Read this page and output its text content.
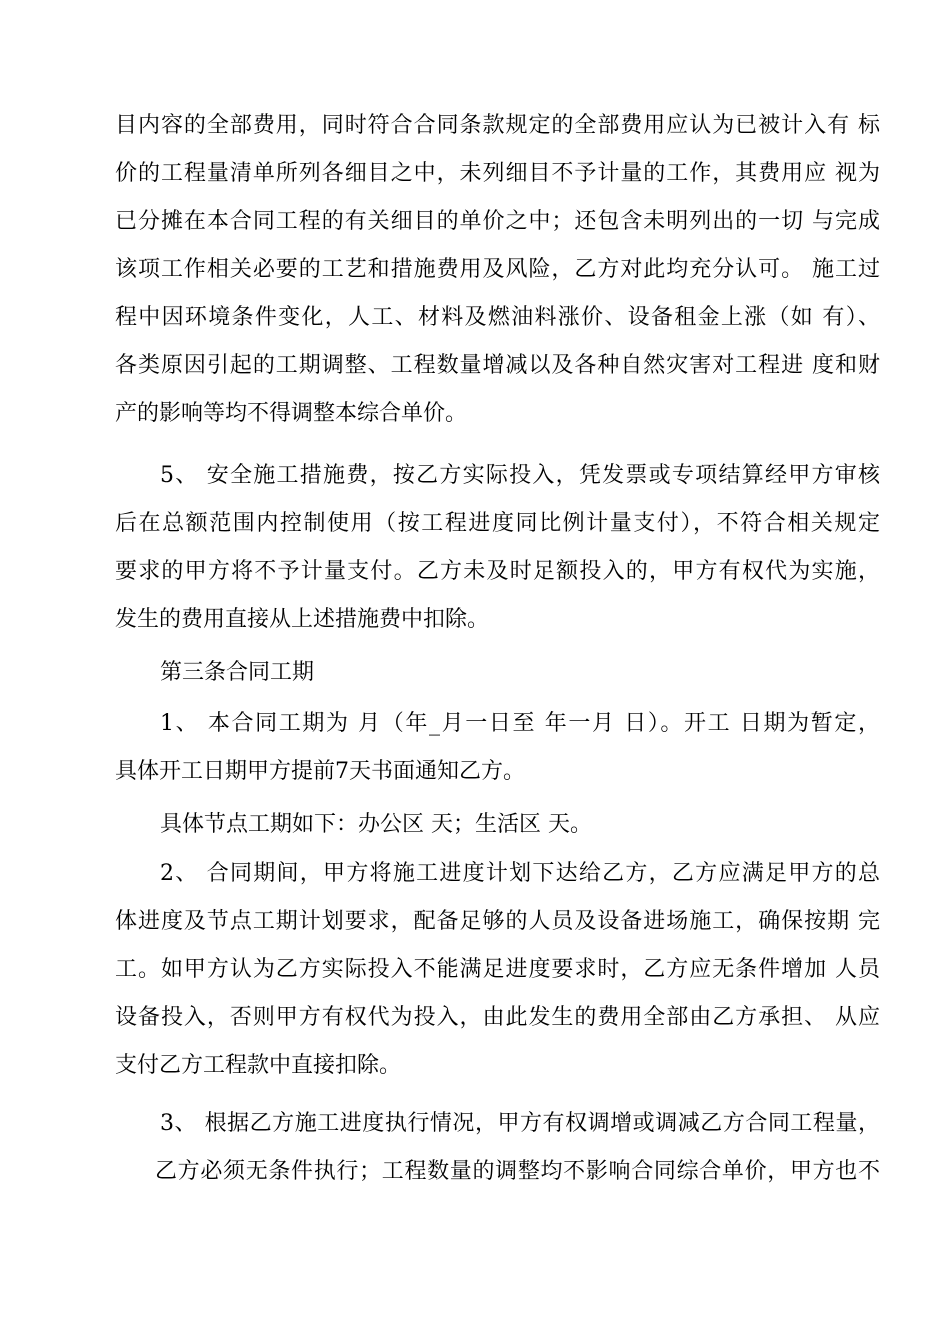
目内容的全部费用，同时符合合同条款规定的全部费用应认为已被计入有 标
价的工程量清单所列各细目之中，未列细目不予计量的工作，其费用应 视为
已分摊在本合同工程的有关细目的单价之中；还包含未明列出的一切 与完成
该项工作相关必要的工艺和措施费用及风险，乙方对此均充分认可。 施工过
程中因环境条件变化，人工、材料及燃油料涨价、设备租金上涨（如 有）、
各类原因引起的工期调整、工程数量增减以及各种自然灾害对工程进 度和财
产的影响等均不得调整本综合单价。
5、 安全施工措施费，按乙方实际投入，凭发票或专项结算经甲方审核
后在总额范围内控制使用（按工程进度同比例计量支付），不符合相关规定
要求的甲方将不予计量支付。乙方未及时足额投入的，甲方有权代为实施，
发生的费用直接从上述措施费中扣除。
第三条合同工期
1、 本合同工期为 月（年_月一日至 年一月 日）。开工 日期为暂定，
具体开工日期甲方提前7天书面通知乙方。
具体节点工期如下：办公区 天；生活区 天。
2、 合同期间，甲方将施工进度计划下达给乙方，乙方应满足甲方的总
体进度及节点工期计划要求，配备足够的人员及设备进场施工，确保按期 完
工。如甲方认为乙方实际投入不能满足进度要求时，乙方应无条件增加 人员
设备投入，否则甲方有权代为投入，由此发生的费用全部由乙方承担、 从应
支付乙方工程款中直接扣除。
3、 根据乙方施工进度执行情况，甲方有权调增或调减乙方合同工程量，
乙方必须无条件执行；工程数量的调整均不影响合同综合单价，甲方也不
